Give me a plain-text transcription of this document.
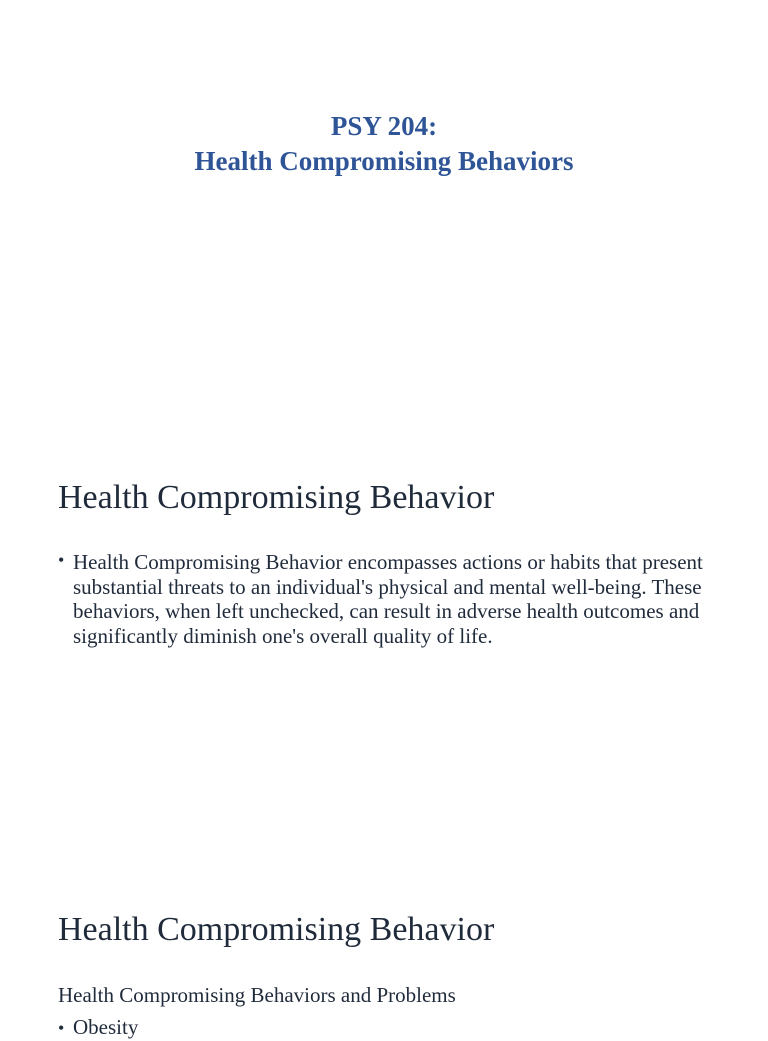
PSY 204:
Health Compromising Behaviors
Health Compromising Behavior
• Health Compromising Behavior encompasses actions or habits that present substantial threats to an individual's physical and mental well-being. These behaviors, when left unchecked, can result in adverse health outcomes and significantly diminish one's overall quality of life.
Health Compromising Behavior
Health Compromising Behaviors and Problems
• Obesity
